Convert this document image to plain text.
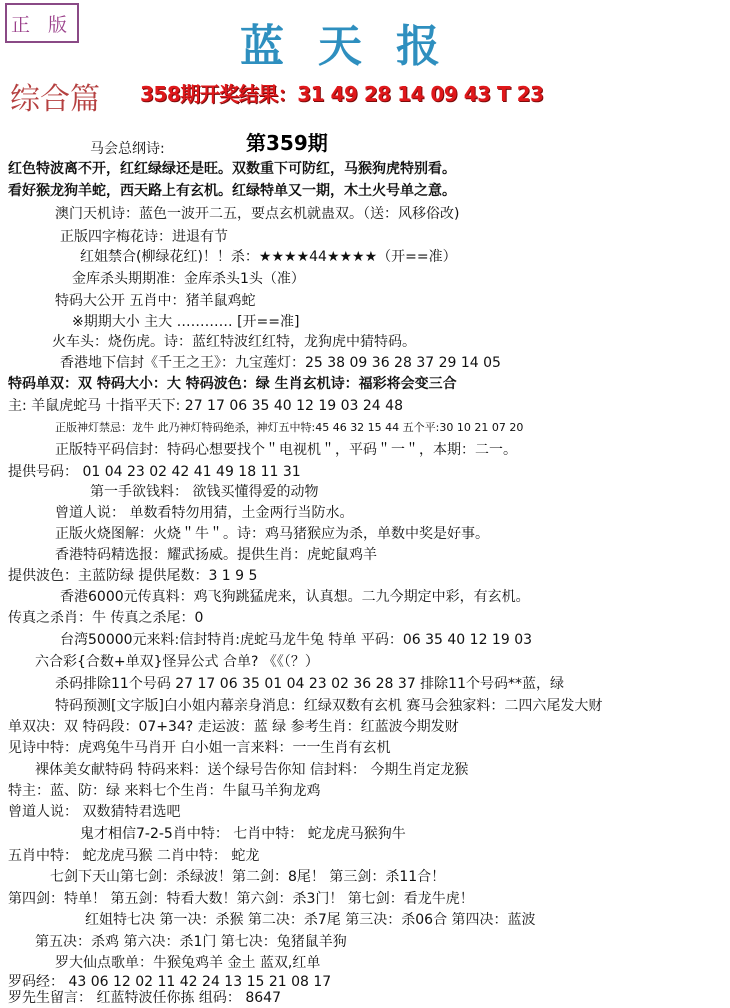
正 版	蓝天报
综合篇 358期开奖结果：31 49 28 14 09 43 T 23
第359期
马会总纲诗:
红色特波离不开，红红绿绿还是旺。双数重下可防红，马猴狗虎特别看。
看好猴龙狗羊蛇，西天路上有玄机。红绿特单又一期，木土火号单之意。
澳门天机诗：蓝色一波开二五，要点玄机就蛊双。（送：风移俗改)
正版四字梅花诗：进退有节
红姐禁合(柳绿花红)！！杀：★★★★44★★★★（开==准）
金库杀头期期准：金库杀头1头（准）
特码大公开 五肖中：猪羊鼠鸡蛇
※期期大小 主大 ………… [开==准]
火车头：烧伤虎。诗：蓝红特波红红特，龙狗虎中猜特码。
香港地下信封《千王之王》：九宝莲灯：25 38 09 36 28 37 29 14 05
特码单双：双 特码大小：大 特码波色：绿 生肖玄机诗：福彩将会变三合
主: 羊鼠虎蛇马 十指平天下: 27 17 06 35 40 12 19 03 24 48
正版神灯禁忌：龙牛 此乃神灯特码绝杀，神灯五中特:45 46 32 15 44 五个平:30 10 21 07 20
正版特平码信封：特码心想要找个＂电视机＂，平码＂一＂，本期：二一。
提供号码： 01 04 23 02 42 41 49 18 11 31
第一手欲钱料： 欲钱买懂得爱的动物
曾道人说： 单数看特勿用猜，土金两行当防水。
正版火烧图解：火烧＂牛＂。诗：鸡马猪猴应为杀，单数中奖是好事。
香港特码精选报：耀武扬威。提供生肖：虎蛇鼠鸡羊
提供波色：主蓝防绿 提供尾数：3 1 9 5
香港6000元传真料：鸡飞狗跳猛虎来，认真想。二九今期定中彩，有玄机。
传真之杀肖：牛 传真之杀尾：0
台湾50000元来料:信封特肖:虎蛇马龙牛兔 特单 平码：06 35 40 12 19 03
六合彩{合数+单双}怪异公式 合单? 《《（？）
杀码排除11个号码 27 17 06 35 01 04 23 02 36 28 37 排除11个号码**蓝，绿
特码预测[文字版]白小姐内幕亲身消息：红绿双数有玄机 赛马会独家料：二四六尾发大财
单双决：双 特码段：07+34? 走运波：蓝 绿 参考生肖：红蓝波今期发财
见诗中特：虎鸡兔牛马肖开 白小姐一言来料：一一生肖有玄机
裸体美女献特码 特码来料：送个绿号告你知 信封料： 今期生肖定龙猴
特主：蓝、防：绿 来料七个生肖：牛鼠马羊狗龙鸡
曾道人说： 双数猜特君选吧
鬼才相信7-2-5肖中特： 七肖中特： 蛇龙虎马猴狗牛
五肖中特： 蛇龙虎马猴 二肖中特： 蛇龙
七剑下天山第七剑：杀绿波！第二剑：8尾！ 第三剑：杀11合！
第四剑：特单！ 第五剑：特看大数！第六剑：杀3门！ 第七剑：看龙牛虎！
红姐特七决 第一决：杀猴 第二决：杀7尾 第三决：杀06合 第四决：蓝波
第五决：杀鸡 第六决：杀1门 第七决：兔猪鼠羊狗
罗大仙点歌单：牛猴兔鸡羊 金土 蓝双,红单
罗码经： 43 06 12 02 11 42 24 13 15 21 08 17
罗先生留言： 红蓝特波任你拣 组码： 8647
